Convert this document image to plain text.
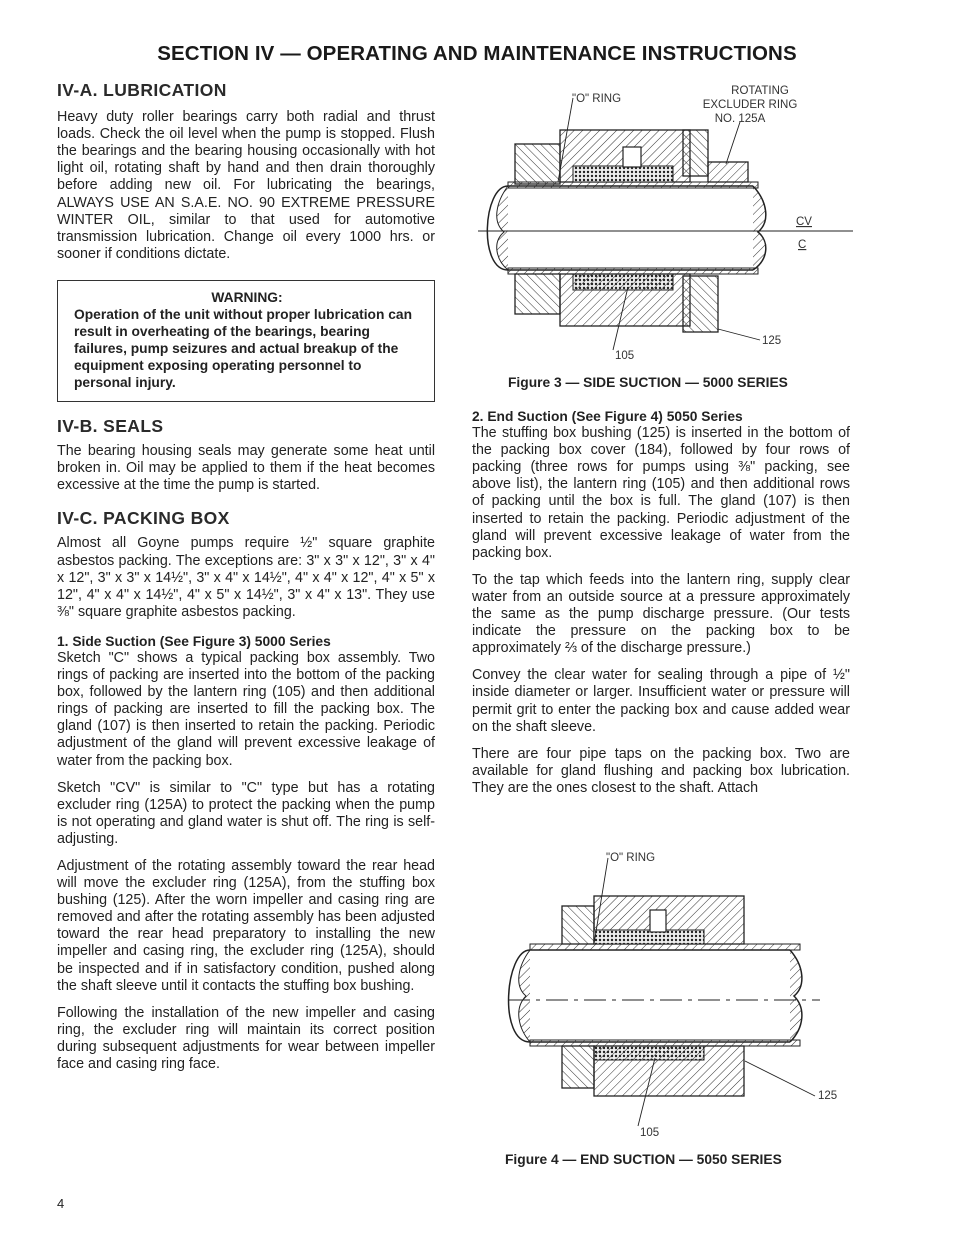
SECTION IV — OPERATING AND MAINTENANCE INSTRUCTIONS
IV-A. LUBRICATION

Heavy duty roller bearings carry both radial and thrust loads. Check the oil level when the pump is stopped. Flush the bearings and the bearing housing occasionally with hot light oil, rotating shaft by hand and then drain thoroughly before adding new oil. For lubricating the bearings, ALWAYS USE AN S.A.E. NO. 90 EXTREME PRESSURE WINTER OIL, similar to that used for automotive transmission lubrication. Change oil every 1000 hrs. or sooner if conditions dictate.

WARNING:
Operation of the unit without proper lubrication can result in overheating of the bearings, bearing failures, pump seizures and actual breakup of the equipment exposing operating personnel to personal injury.
IV-B. SEALS

The bearing housing seals may generate some heat until broken in. Oil may be applied to them if the heat becomes excessive at the time the pump is started.

IV-C. PACKING BOX

Almost all Goyne pumps require ½" square graphite asbestos packing. The exceptions are: 3" x 3" x 12", 3" x 4" x 12", 3" x 3" x 14½", 3" x 4" x 14½", 4" x 4" x 12", 4" x 5" x 12", 4" x 4" x 14½", 4" x 5" x 14½", 3" x 4" x 13". They use ⅜" square graphite asbestos packing.

1. Side Suction (See Figure 3) 5000 Series

Sketch "C" shows a typical packing box assembly. Two rings of packing are inserted into the bottom of the packing box, followed by the lantern ring (105) and then additional rings of packing are inserted to fill the packing box. The gland (107) is then inserted to retain the packing. Periodic adjustment of the gland will prevent excessive leakage of water from the packing box.

Sketch "CV" is similar to "C" type but has a rotating excluder ring (125A) to protect the packing when the pump is not operating and gland water is shut off. The ring is self-adjusting.

Adjustment of the rotating assembly toward the rear head will move the excluder ring (125A), from the stuffing box bushing (125). After the worn impeller and casing ring are removed and after the rotating assembly has been adjusted toward the rear head preparatory to installing the new impeller and casing ring, the excluder ring (125A), should be inspected and if in satisfactory condition, pushed along the shaft sleeve until it contacts the stuffing box bushing.

Following the installation of the new impeller and casing ring, the excluder ring will maintain its correct position during subsequent adjustments for wear between impeller face and casing ring face.

"O" RING
ROTATING
EXCLUDER RING
NO. 125A
CV
C
125
105
Figure 3 — SIDE SUCTION — 5000 SERIES
2. End Suction (See Figure 4) 5050 Series

The stuffing box bushing (125) is inserted in the bottom of the packing box cover (184), followed by four rows of packing (three rows for pumps using ⅜" packing, see above list), the lantern ring (105) and then additional rows of packing until the box is full. The gland (107) is then inserted to retain the packing. Periodic adjustment of the gland will prevent excessive leakage of water from the packing box.

To the tap which feeds into the lantern ring, supply clear water from an outside source at a pressure approximately the same as the pump discharge pressure. (Our tests indicate the pressure on the packing box to be approximately ⅔ of the discharge pressure.)

Convey the clear water for sealing through a pipe of ½" inside diameter or larger. Insufficient water or pressure will permit grit to enter the packing box and cause added wear on the shaft sleeve.

There are four pipe taps on the packing box. Two are available for gland flushing and packing box lubrication. They are the ones closest to the shaft. Attach

"O" RING
125
105
Figure 4 — END SUCTION — 5050 SERIES
4
